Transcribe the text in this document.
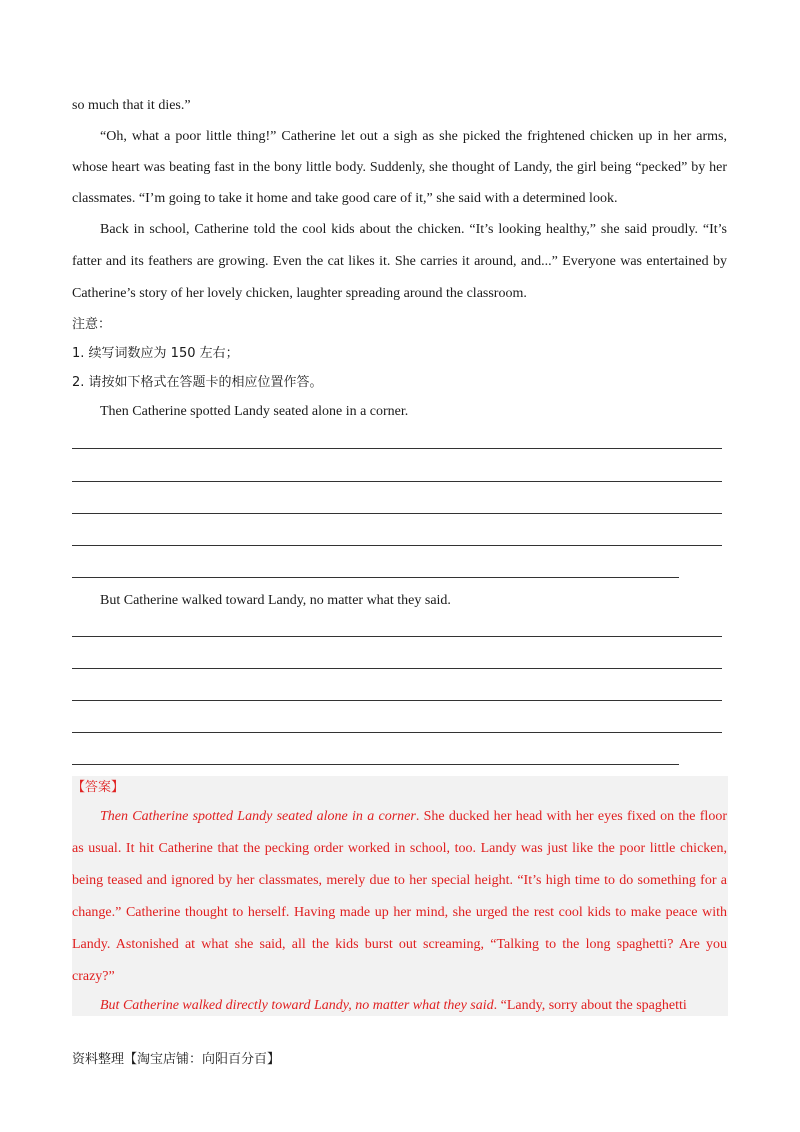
so much that it dies.”
“Oh, what a poor little thing!” Catherine let out a sigh as she picked the frightened chicken up in her arms,
whose heart was beating fast in the bony little body. Suddenly, she thought of Landy, the girl being “pecked” by her
classmates. “I’m going to take it home and take good care of it,” she said with a determined look.
Back in school, Catherine told the cool kids about the chicken. “It’s looking healthy,” she said proudly. “It’s
fatter and its feathers are growing. Even the cat likes it. She carries it around, and...” Everyone was entertained by
Catherine’s story of her lovely chicken, laughter spreading around the classroom.
注意：
1. 续写词数应为 150 左右；
2. 请按如下格式在答题卡的相应位置作答。
Then Catherine spotted Landy seated alone in a corner.
But Catherine walked toward Landy, no matter what they said.
【答案】
Then Catherine spotted Landy seated alone in a corner. She ducked her head with her eyes fixed on the floor
as usual. It hit Catherine that the pecking order worked in school, too. Landy was just like the poor little chicken,
being teased and ignored by her classmates, merely due to her special height. “It’s high time to do something for a
change.” Catherine thought to herself. Having made up her mind, she urged the rest cool kids to make peace with
Landy. Astonished at what she said, all the kids burst out screaming, “Talking to the long spaghetti? Are you
crazy?”
But Catherine walked directly toward Landy, no matter what they said. “Landy, sorry about the spaghetti
资料整理【淘宝店铺：向阳百分百】
